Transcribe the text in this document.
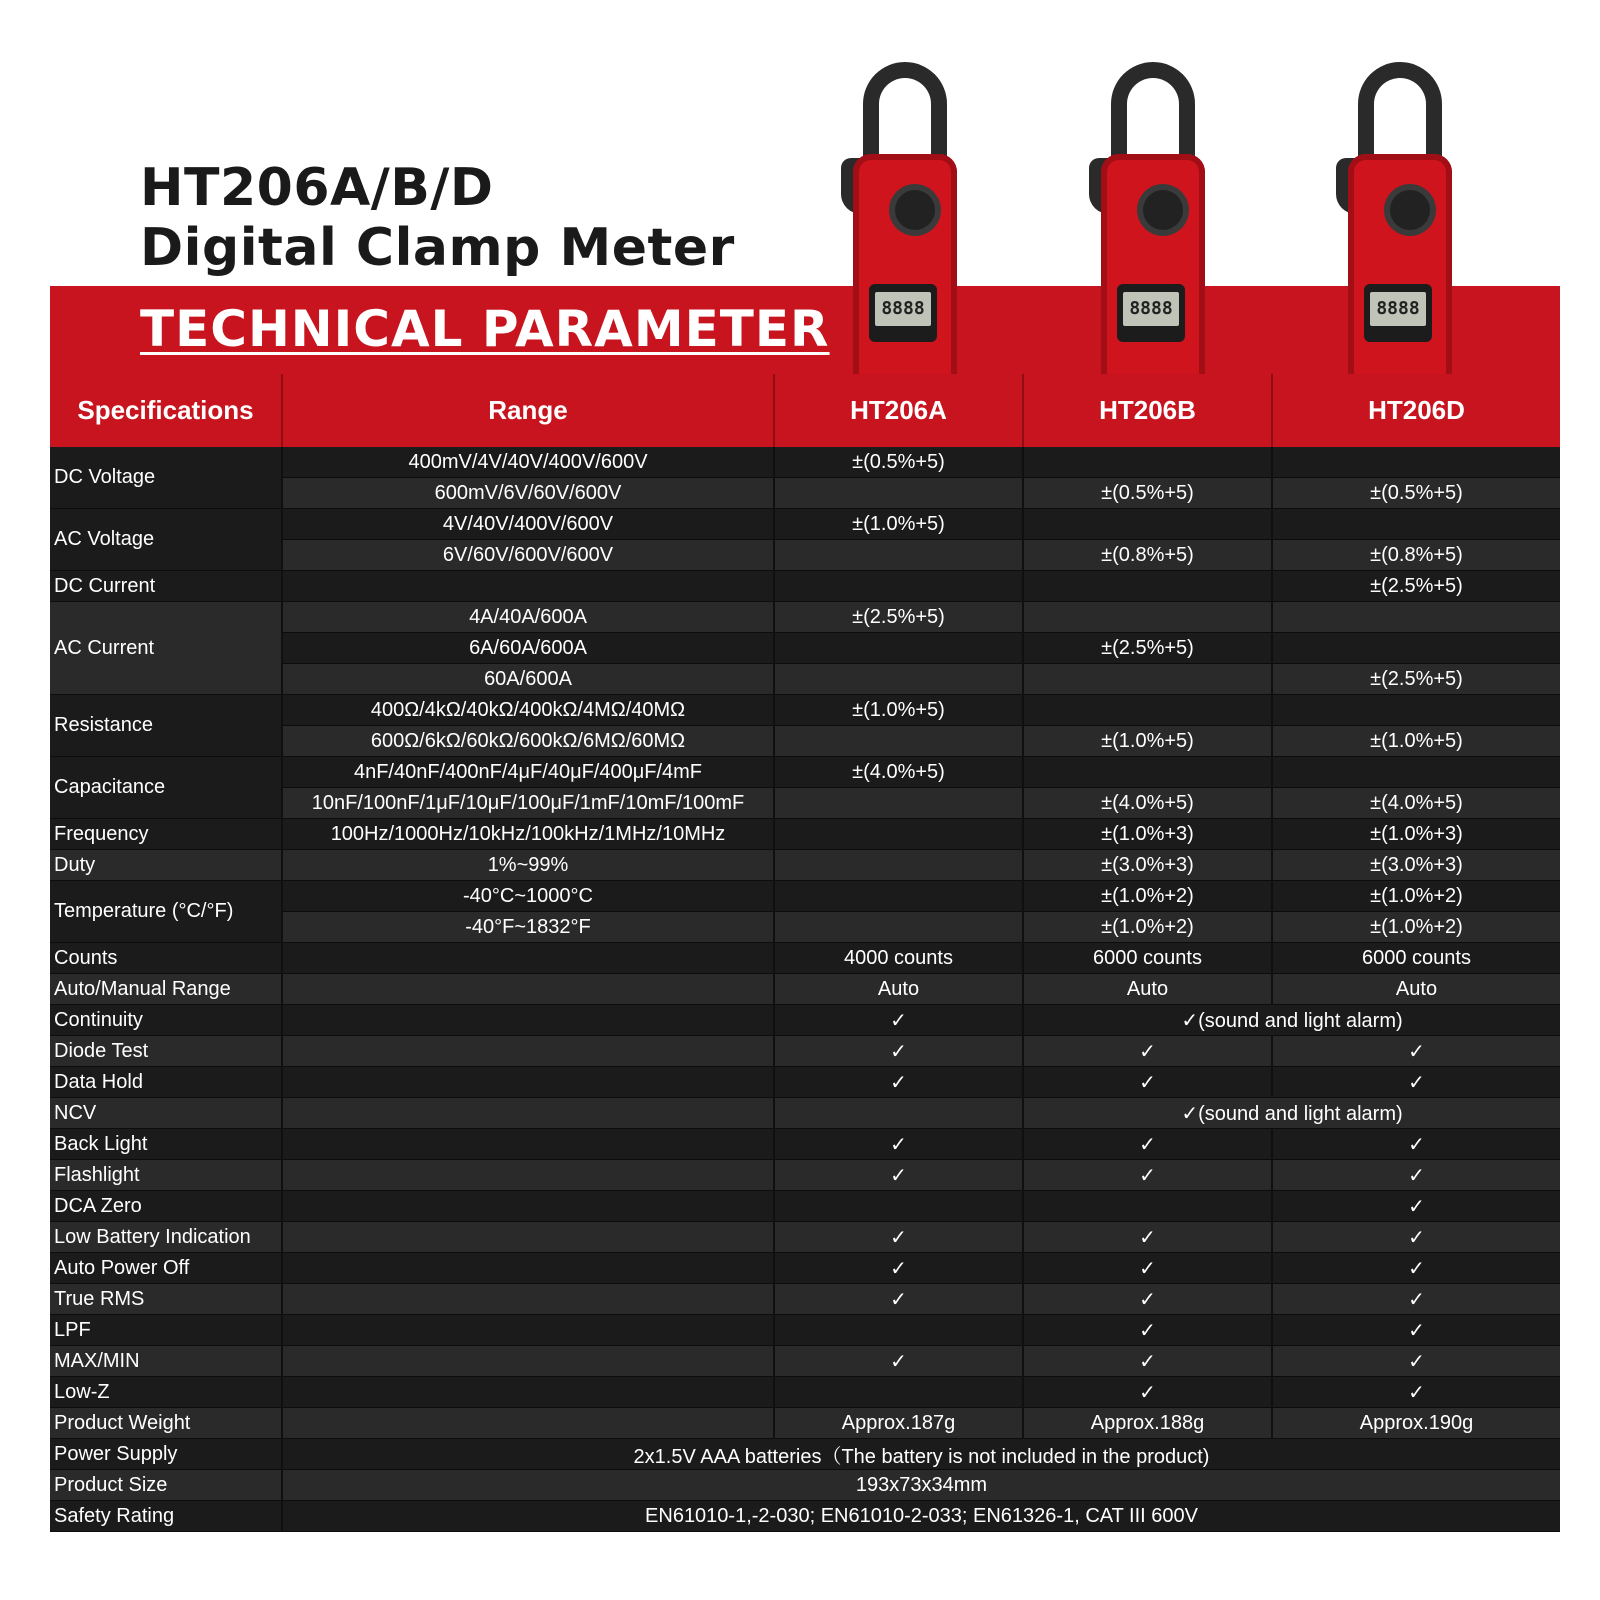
HT206A/B/D
Digital Clamp Meter
TECHNICAL PARAMETER	8888	8888	8888
Specifications	Range	HT206A	HT206B	HT206D
DC Voltage	400mV/4V/40V/400V/600V	±(0.5%+5)		
	600mV/6V/60V/600V		±(0.5%+5)	±(0.5%+5)
AC Voltage	4V/40V/400V/600V	±(1.0%+5)		
	6V/60V/600V/600V		±(0.8%+5)	±(0.8%+5)
DC Current				±(2.5%+5)
AC Current	4A/40A/600A	±(2.5%+5)		
	6A/60A/600A		±(2.5%+5)	
	60A/600A			±(2.5%+5)
Resistance	400Ω/4kΩ/40kΩ/400kΩ/4MΩ/40MΩ	±(1.0%+5)		
	600Ω/6kΩ/60kΩ/600kΩ/6MΩ/60MΩ		±(1.0%+5)	±(1.0%+5)
Capacitance	4nF/40nF/400nF/4μF/40μF/400μF/4mF	±(4.0%+5)		
	10nF/100nF/1μF/10μF/100μF/1mF/10mF/100mF		±(4.0%+5)	±(4.0%+5)
Frequency	100Hz/1000Hz/10kHz/100kHz/1MHz/10MHz		±(1.0%+3)	±(1.0%+3)
Duty	1%~99%		±(3.0%+3)	±(3.0%+3)
Temperature (°C/°F)	-40°C~1000°C		±(1.0%+2)	±(1.0%+2)
	-40°F~1832°F		±(1.0%+2)	±(1.0%+2)
Counts		4000 counts	6000 counts	6000 counts
Auto/Manual Range		Auto	Auto	Auto
Continuity		✓	✓(sound and light alarm)	
Diode Test		✓	✓	✓
Data Hold		✓	✓	✓
NCV			✓(sound and light alarm)	
Back Light		✓	✓	✓
Flashlight		✓	✓	✓
DCA Zero				✓
Low Battery Indication		✓	✓	✓
Auto Power Off		✓	✓	✓
True RMS		✓	✓	✓
LPF			✓	✓
MAX/MIN		✓	✓	✓
Low-Z			✓	✓
Product Weight		Approx.187g	Approx.188g	Approx.190g
Power Supply	2x1.5V AAA batteries（The battery is not included in the product)			
Product Size	193x73x34mm			
Safety Rating	EN61010-1,-2-030; EN61010-2-033; EN61326-1, CAT III 600V			
